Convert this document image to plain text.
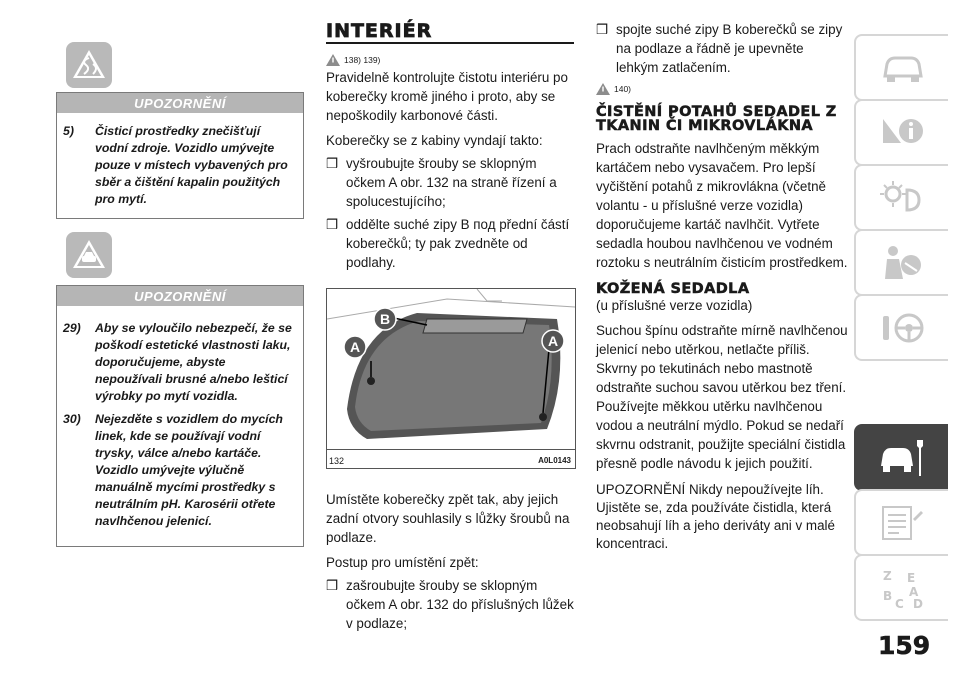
UPOZORNĚNÍ

5) Čisticí prostředky znečišťují vodní zdroje. Vozidlo umývejte pouze v místech vybavených pro sběr a čištění kapalin použitých pro mytí.

UPOZORNĚNÍ

29) Aby se vyloučilo nebezpečí, že se poškodí estetické vlastnosti laku, doporučujeme, abyste nepoužívali brusné a/nebo lešticí výrobky po mytí vozidla.

30) Nejezděte s vozidlem do mycích linek, kde se používají vodní trysky, válce a/nebo kartáče. Vozidlo umývejte výlučně manuálně mycími prostředky s neutrálním pH. Karosérii otřete navlhčenou jelenicí.

INTERIÉR
138) 139)

Pravidelně kontrolujte čistotu interiéru po koberečky kromě jiného i proto, aby se nepoškodily karbonové části.

Koberečky se z kabiny vyndají takto:

❒ vyšroubujte šrouby se sklopným očkem A obr. 132 na straně řízení a spolucestujícího;

❒ oddělte suché zipy B под přední částí koberečků; ty pak zvedněte od podlahy.

A	A
B
132	A0L0143

Umístěte koberečky zpět tak, aby jejich zadní otvory souhlasily s lůžky šroubů na podlaze.

Postup pro umístění zpět:

❒ zašroubujte šrouby se sklopným očkem A obr. 132 do příslušných lůžek v podlaze;

❒ spojte suché zipy B koberečků se zipy na podlaze a řádně je upevněte lehkým zatlačením.

140)

ČISTĚNÍ POTAHŮ SEDADEL Z TKANIN ČI MIKROVLÁKNA

Prach odstraňte navlhčeným měkkým kartáčem nebo vysavačem. Pro lepší vyčištění potahů z mikrovlákna (včetně volantu - u příslušné verze vozidla) doporučujeme kartáč navlhčit. Vytřete sedadla houbou navlhčenou ve vodném roztoku s neutrálním čisticím prostředkem.

KOŽENÁ SEDADLA

(u příslušné verze vozidla)

Suchou špínu odstraňte mírně navlhčenou jelenicí nebo utěrkou, netlačte příliš. Skvrny po tekutinách nebo mastnotě odstraňte suchou savou utěrkou bez tření. Používejte měkkou utěrku navlhčenou vodou a neutrální mýdlo. Pokud se nedaří skvrnu odstranit, použijte speciální čistidla přesně podle návodu k jejich použití.

UPOZORNĚNÍ Nikdy nepoužívejte líh. Ujistěte se, zda používáte čistidla, která neobsahují líh a jeho deriváty ani v malé koncentraci.

Z E
A
B
C D
159
